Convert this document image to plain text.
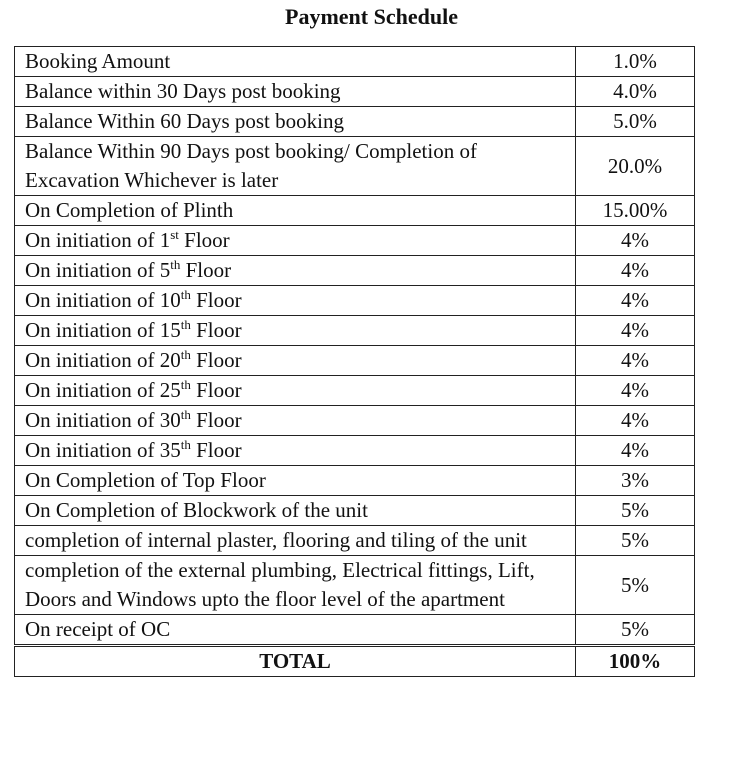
Payment Schedule
Booking Amount	1.0%
Balance within 30 Days post booking	4.0%
Balance Within 60 Days post booking	5.0%
Balance Within 90 Days post booking/ Completion of Excavation Whichever is later	20.0%
On Completion of Plinth	15.00%
On initiation of 1st Floor	4%
On initiation of 5th Floor	4%
On initiation of 10th Floor	4%
On initiation of 15th Floor	4%
On initiation of 20th Floor	4%
On initiation of 25th Floor	4%
On initiation of 30th Floor	4%
On initiation of 35th Floor	4%
On Completion of Top Floor	3%
On Completion of Blockwork of the unit	5%
completion of internal plaster, flooring and tiling of the unit	5%
completion of the external plumbing, Electrical fittings, Lift, Doors and Windows upto the floor level of the apartment	5%
On receipt of OC	5%
TOTAL	100%
